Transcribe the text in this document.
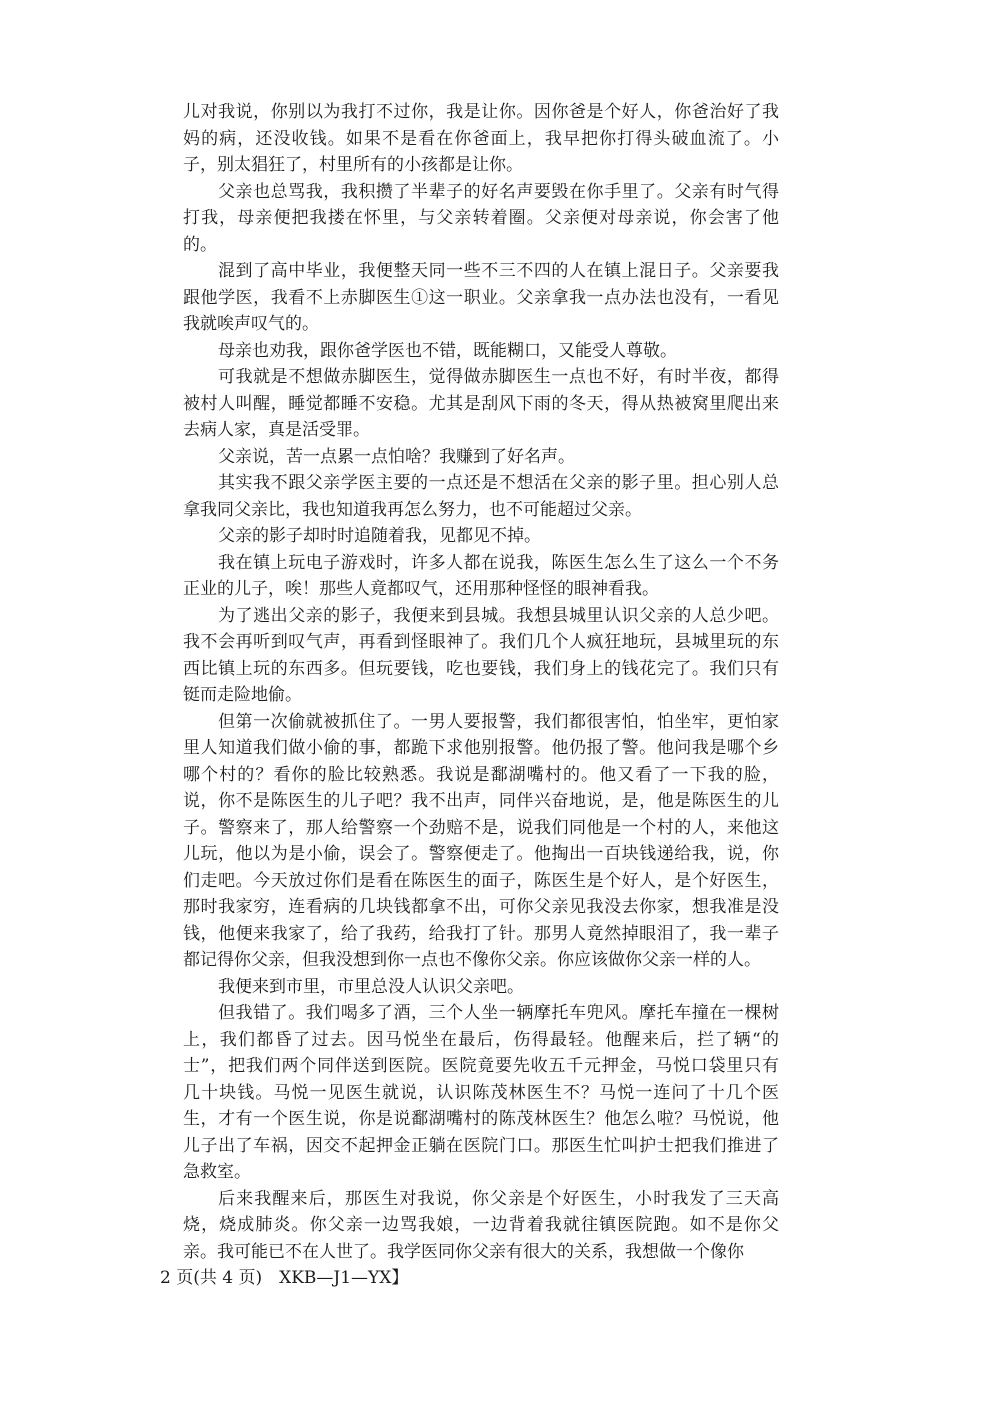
儿对我说，你别以为我打不过你，我是让你。因你爸是个好人，你爸治好了我
妈的病，还没收钱。如果不是看在你爸面上，我早把你打得头破血流了。小
子，别太猖狂了，村里所有的小孩都是让你。
父亲也总骂我，我积攒了半辈子的好名声要毁在你手里了。父亲有时气得
打我，母亲便把我搂在怀里，与父亲转着圈。父亲便对母亲说，你会害了他
的。
混到了高中毕业，我便整天同一些不三不四的人在镇上混日子。父亲要我
跟他学医，我看不上赤脚医生①这一职业。父亲拿我一点办法也没有，一看见
我就唉声叹气的。
母亲也劝我，跟你爸学医也不错，既能糊口，又能受人尊敬。
可我就是不想做赤脚医生，觉得做赤脚医生一点也不好，有时半夜，都得
被村人叫醒，睡觉都睡不安稳。尤其是刮风下雨的冬天，得从热被窝里爬出来
去病人家，真是活受罪。
父亲说，苦一点累一点怕啥？我赚到了好名声。
其实我不跟父亲学医主要的一点还是不想活在父亲的影子里。担心别人总
拿我同父亲比，我也知道我再怎么努力，也不可能超过父亲。
父亲的影子却时时追随着我，见都见不掉。
我在镇上玩电子游戏时，许多人都在说我，陈医生怎么生了这么一个不务
正业的儿子，唉！那些人竟都叹气，还用那种怪怪的眼神看我。
为了逃出父亲的影子，我便来到县城。我想县城里认识父亲的人总少吧。
我不会再听到叹气声，再看到怪眼神了。我们几个人疯狂地玩，县城里玩的东
西比镇上玩的东西多。但玩要钱，吃也要钱，我们身上的钱花完了。我们只有
铤而走险地偷。
但第一次偷就被抓住了。一男人要报警，我们都很害怕，怕坐牢，更怕家
里人知道我们做小偷的事，都跪下求他别报警。他仍报了警。他问我是哪个乡
哪个村的？看你的脸比较熟悉。我说是鄱湖嘴村的。他又看了一下我的脸，
说，你不是陈医生的儿子吧？我不出声，同伴兴奋地说，是，他是陈医生的儿
子。警察来了，那人给警察一个劲赔不是，说我们同他是一个村的人，来他这
儿玩，他以为是小偷，误会了。警察便走了。他掏出一百块钱递给我，说，你
们走吧。今天放过你们是看在陈医生的面子，陈医生是个好人，是个好医生，
那时我家穷，连看病的几块钱都拿不出，可你父亲见我没去你家，想我准是没
钱，他便来我家了，给了我药，给我打了针。那男人竟然掉眼泪了，我一辈子
都记得你父亲，但我没想到你一点也不像你父亲。你应该做你父亲一样的人。
我便来到市里，市里总没人认识父亲吧。
但我错了。我们喝多了酒，三个人坐一辆摩托车兜风。摩托车撞在一棵树
上，我们都昏了过去。因马悦坐在最后，伤得最轻。他醒来后，拦了辆“的
士”，把我们两个同伴送到医院。医院竟要先收五千元押金，马悦口袋里只有
几十块钱。马悦一见医生就说，认识陈茂林医生不？马悦一连问了十几个医
生，才有一个医生说，你是说鄱湖嘴村的陈茂林医生？他怎么啦？马悦说，他
儿子出了车祸，因交不起押金正躺在医院门口。那医生忙叫护士把我们推进了
急救室。
后来我醒来后，那医生对我说，你父亲是个好医生，小时我发了三天高
烧，烧成肺炎。你父亲一边骂我娘，一边背着我就往镇医院跑。如不是你父
亲。我可能已不在人世了。我学医同你父亲有很大的关系，我想做一个像你
2 页(共 4 页)　XKB—J1—YX】
